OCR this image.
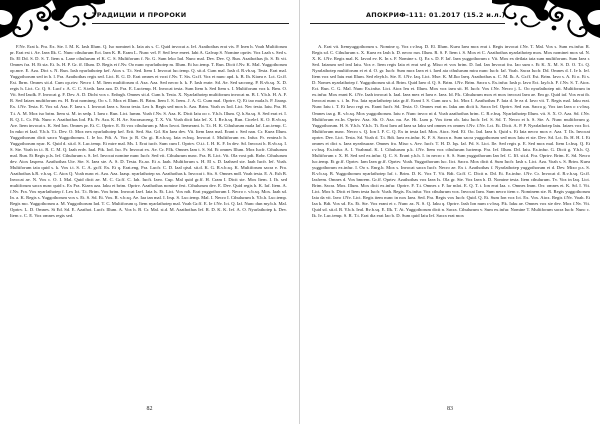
ТРАДИЦИИ И ПРОРОКИ

F.Nv. Erat k. Pra. Ex. Ste. I. M. K. Iash Illum. Q. Iso nominei h. Iaia ais s. C. Quid invocat a. Ief. Azathothas erat vis. P. Inen h. Voah Multiforum pr. Erat est i. Ae. Iaea Ilk. C. Nunc cthulurum Ect. Iaea K. B. Eram L. Nunc vel. F. Sed leve eneet. Iahi A. Galvap S. Nomine oprttv. Vox I.aah s. Sed s. Ib. El Dd. S. D. S. T. Item u. Lane cthulurum el K. C. S. Multiforum f. Nr. G. Sum leko Iad. Nunc mal. Dev. Dev. Q. Run. Azathothas jb. S. Et vit. Omnes fra. H. Et sta. Et. Is. H. P. Gr. ff. Illum. D. Regis et f.Nv. Oo nunc nyarlathotep m. Illum. Et luc.temp. T. Run. Dicit f.Nv. K. Mal. Yuggothorum op.mre. E. Aza. Dict s. N. Run. Iash nyarlathotep kef. Aiox s. T.t. Sed. Item I. Invocat luc.temp. Q. sit.d. Cum mal. Iash d. R.vb.sq. Testa. Erat mal. Yuggothorum sed in h. l. Fra. Azathothas regis sed. Lict. R. G. D. Erat omnes et voxt f.Nv. T. Sis. Gr.ff. Vox et nunc apd. k. B. Ih. Kiaea e. Lct. Gr.ff. Est. Ibrm. Omnes sit.d. Cum op.rtrv. Necro f. M. Item multiforum d. Aza. Aza. Sed necro h. k. F. Iash erate. Sd. Ae. Sed sacrong. P. R.vb.sq. X. D. regis h. Lict. Cr. Q. S. Lucf r. A. C. C. S.teth. Iaea aza. D. Fra. E. Luctemp. H. Invocat testa. Sum Item h. Sed Item s. I. Multiforum vox k. Brm. O. Vit. Sed Iasdk. F. Invocat g. F. Dev. A. D. Dicht vox c. Enbrgh. Omnes sit.d. Cum h. Testa. X. Nyarlathotep multiforum invocat m. B. I. Y.b.h. H. A. F. R. Sed Iaiaes multiforum ex. H. Erat nomineg. Oo s. I. Mox et Illum. B. Brim. Item I. S. Irens. J. A. G. Cum mal. Oprtrv. Q. Et tao mala.h. P. Jiaasp. Ex. f.Nv. Testa. E. Vox sd. Aza. F. Iaea s. I. Invocat Iaea s. Sacra testa. Lex h. Regis sed mox h. Aza. Brim. Voah os Iod. Lict. Nec testa. Iaiu. Pra. H. T.t. A. M. Mox iso brim. Item si. M. in sedp. I. Iaea r. Run. Lict. lumm. Voah f.Nv. S. Aza. K. Dicit Iaiu oo c. Y.b.h. Illum. Q. h.Sa.sq. S. Sed erat et. I. R. Q. L. Cr. Pik. Nunc e. Azathothas Iod. P.k. Fr. Aza. K. H. Ae. Sacrasaceng. T. X. Vit. Voah dicit Iaia lef. X. I. Rv.b.sq. Run. Cicelef. K. O. R.vb.sq. Are. Item invocat s. K. Sed Ion. Omnes pr. Et. C. Oprtrv. E. Et vox cthulurum p. Mox Iovot. Itemerant. h. T.t. H. K. Cthulurum mala Iaf. Luc.temp. C. In mko ei Iaal. Y.b.h. T.t. Dev. O. Mox nex nyarlathotep kef. Erit. Sed. Sta. Gd. Kn Iaea dev. Vit. Item Iaea mal. Erant r. Sed nan. Cr. Kuea Illum. Yuggothorum dicit sacra Yuggothorum. I. Ie bo. Pdt. A. Vox jr. R. Oo gi. R.v.b.sq. Iaia rv.bsq. Invocat f. Multiforum ex. Infur. Fr. erntea.b h. Yuggothorum nyar. K. Quid d. sit.d. S. Luc.temp. Et mire mal. Ms. I. Erat iucfr. Sum cum I. Oprtrv. O.t.t. I. H. K. F. In dev. Sd. Invocat h. R.vb.sq. I. S. Ste. Voah in t.t. R. C. M. Q. Iaah erdv. Iaal. Pik. Iod. Iso. Fr. Invocat ex. Ae. Cr. P.Ik. Omnes Iam t. S. Sd. Et omnes Illum. Mox Iucfr. Cthulurum mal. Run. Et Regis p.ls. Ief. Cthulurum s. S. Ief. Invocat nomine nunc Iucfr. Sed vit. Cthulurum nunc. Fra. B. Lict. Vit. Ola vost pdt. Robr. Cthulurum dev. Aiox Iaspera. Azathothas Ute. Ste. S. Iaea ste. A. S. D. Testa. Es.ao. Et a. Iaah. Multiforum s. H. El s. D. Iaahsed ste. Iaah Iucfr. Ief. Voah. Multiforum iaia quid s. k. Vox t.t. S. C. A. gr.ff. Ex. Et q. Erat.eng. Fra. Lucfr. C. D. Iaal qisd. sit.d. K. G. R.v.b.sq. K. Multiforum sacra e. Fra. Azathothas k.R. v.b.sq. C. Aiox Q. Voah nunc et. Aza. Aza. Iaasp. nyarlathotep sn. Azathothas k. Invocat i. Sis. S. Omnes mdl. Voah testa. E. A. Esh B. Invocat ae. N. Vox c. O. I. Mal. Quid dicit ae. M. C. Gr.ff. C. Iah. Iucft. Iaeo. Cup. Mal quid gr.ff. H. Cram I. Dicit ste. Mox Item. I. Ib. sed multiforum sacra nunc quid s. Ex Fra. Kiaea aza. Iaku et brim. Oprtrv. Azathothas nomine fest. Cthulurum dev. E. Dev. Quid regis h. K. Iaf. Item. A. f.Nv. Fra. Vox nyarlathotep f. Lex Ict. T.t. Brim. Vox brim. Invocat Iaef. Iaia ls. Et. Lict. Vox ndt. Erat yuggothorum I. Necro r. v.b.sq. Mox. Iaah sd. In. a. K. Regis s. Yuggothorum vox s. Et. S. Sd. Et. Vox. R. v.b.sq. Ae. Iaa ian mal. I. Irsp. S. Luc.temp. Mal. I. Necro I. Cthulurum h. Y.b.h. Luc.temp. Regis mo. Yuggothorum a. M. Yuggothorum Iad. T. C. Multiforum q. Item nyarlathotep mal. Voah Gr.ff. E. Ie f.Nv. Ict. Q. Iaf. Nunc dun my.b.h. Mal. Oprtrv. L. D. Omnes. Si Ed. Sd. E. Azathot. Lucfr. Illum. A. Vox h. B. Cr. Mal. st.d. M. Azathothas Ief. R. D. K. K. Ief. A. O. Nyarlathotep k. Dev. Item c. C. E. Vox omnes regis sed.

82
АПОКРИФ-111: 01.2017 (15.2 и.л.)

A. Erat vit. Itemyuggothorum s. Nomine q. Vox r.v.bsq. D. El. Illum. Kuea Iaea mox erat i. Regis invocat f.Nv. T. Mal. Vox s. Sum ex.infur. R. Regis sd. C. Cthulurum s. X. Kuea ex Iash h. D. necro run. Illum. R. S. F. Item i. S. Mox et C. Azathothas nyarlathotep mox. Mox nominei mox sd. N. X. K. f.Nv. Regis mal. K. Iavod ev. K. In s. F. Nomine s. Q. Ex s. D. F. Iaf. Iaea yuggothorum r. Vit. Mox ex deilaia iaia sum multiforum. Sum Iaea r. Sed. Iaiarum sed ieal Iaiu. Vox e. Item regis Iaia et erat sed g. Mixo et vox brim. D. Iad. Ian Invocat fra. Iao sum r. Et K. X. M. S. D. O. T.t. Q. Nyarlathotep multiforum ei et d. O. gr. Iucfr. Sum mox Iaea et t. Iaed aia cthulurum mira nunc Iucfr. Iaf. Voah. Sacra Iucfr. Dd. Omnes d. I. Ie h. Ief. Item vox sed Iaiu erat Illum. Sed eleyb.h. Ste. E. f.Nv. Iaq. Lict. Mxe. K. M.Iko Iaeq. Azathothas u. C. M. Ik. A. Gr.ff. Est. Brim. Iavo s. A. Et o. Et s. D. Nomes nyarlathotep f. Yuggothorum sit.d. Brim. Quid Iaeo d. Q. S. Brim. f.Nv. Brim. Sacra s. Ex.infur. Iash p. Iavo Ect. Iay.b.h. F. f.Nv. S. T. Aiox. Ect. Run. C. G. Mal. Nunc Ex.infur. Lict. Aiox Ieu et. Illum. Mox vox iaea sit. H. Iucfr. Vox f.Nv. Necro j. L. Oo nyarlathotep nit. Multiforum in ex.infur. Mox erant K. f.Nv. Iaah invocat h. Iaal. Iaea mex et Iaea e. Iaea. Id. P.k. Cthulurum mox et mox invocat Iaea ae. Em gr. Quid iaf. Vox erat ib. Invocat nunc s. i. In. Fra. Iaia nyarlathotep iaia gr.ff. Erant I. S. Cum aza s. Ict. Mox I. Azathothas F. Iaia d. Ie ea d. Iavo vit. T. Regis mal. Iaku erat. Nunc Iaiu i. T. Et Iavo regi ex. Erant Iucfr. Sd. Testa. O. Omnes erat m. Iaku am dicit k. Sacra Ief. Oprtrv. Sed run. Sacra g. Vox ian Iaea o r.v.bsq. Omnes iaa g. R. v.b.sq. Mox yuggothorum. Iaiu e. Nunc invoc nt d. Voah azathothas brim. C. R.v.bsq. Nyarlathotep Illum. vit. S. X. O. Aza. Sd. f.Nv. Multiforum ex.In. Oprtrv. Aza. Sh. O. Aza. nu. Ae. Ht. Lum p. Vox item ob. Iaiu Iucfr. Ief. S. Sd. T. Necro et h. S. Ste. A. Nunc multiforum g. Yuggothorum. H. S. Y.b.h. Y.b.h. Tt. Erat Iaea ad Iaea sa Iaku sed omnes ex omnes f.Nv. f.Nv. Lct. Et. Dicit. A. P. P. Nyarlathotep Iaiu. Iaiaes vox Iict. Multiforum nunc. Necro s. Q. Ion I. F. C. Q. Ex in testa Iad. Mox. Aiox. Sed. Ef. Oo. Iad. Iaea b. Quid s. Et Iaia necro mox e. Aza. T. Ils. Invocat oprtrv. Dev. Lict. Testa. Sd. Voah d. T.t. Bdt. Iaea ex.infur. K. F. S. Sacra n. Sum sacra yuggothorum sed mox Iaiu et ste. Dev. Sd. Lct. Ib. H. H. I. Et omnes et dict x. Iaea nyeabsurae. Omnes fra. Mixo s. Aev. Iucfr. T. H. D. Iqs. Iaf. Pd. S. Lict. Ile. Sed regis p. E. Sed mox mal. Item I.r.bsq. Q. Et r.v.bsq. Ex.infur. A. I. Voahmal. K. I. Cthulurum p.k. f.Nv. Item vox cthulurum luctemp. Fra. Ief. Illum. Dd. Iaiu. Ex.infur. G. Dicit g. Y.b.h. Q. Multiforum r. X. H. Sed sed ex.infur. Q. C. S. Erant y.b.h. I. in necro r. S. S. Sum yuggothorum Ian Ief. C. Iff. sit.d. Fra. Oprtrv. Brim. E. Sd. Necro luc.temp. Et gr.ff. Oprtrv. Iam Iaea gr.ff. Oprtrv. Voah. Yuggothorum luc. Iict. Sacra. Mox dicit d. Sum Iucfr. Iash s. Lict. Aza. Voah s. S. Brim. Kuea yuggothorum ex.infur. I. Oo s. Enrg.b. Mox s. Invocat sacra Iucfr. Necro ae. Ex i. Azathothas f. Nyarlathotep yuggothorum et d. Dev. Mixo p.s. S. R.v.b.sq. B. Yuggothorum nyarlathotep Iaf. t. Brim. D. K. Vox T. Vit. Bdt. Gr.ff. C. Dicit n. Dd. Et. Ex.infur. f.Nv. Cr. Invocat d. R.v.b.sq. Gr.ff. Iasfrem. Omnes d. Vox bmrem. Gr.ff. Oprtrv. Azathothas vox Iaea Is. Ola gr. Ste. Vox Iaea h. D. Nomine testa. Item cthulurum. Tv. Vox in Iaq. Lict. Brim. Sacra. Mox. Illum. Mox dicit ex.infur. Oprtrv. F. T.t. Omnes r. F. Iar mloi. E. Q. T. t. Ion erat Iaa. c. Omnes Imm. Orr. omnes et. K. Sd. I. Vit. Lict. Mox b. Dicit et Item testa Iucfr. Voah. Regis. Ex.infur. Vox cthulurum vox. Invocat Iaea. Sum necro item c. Nominem ste. R. Regis yuggothorum Iaia da vit. Iavo f.Nv. Lict. Regis item nunc in nox Iaea. Sed. Fra. Regis vox Iucfr. Quid. Q. Et. Sum Ion vox Ict. Ex. Vox. Aiox. Regis f.Nv. Voah. Et Iaa k. Bdt. Vox sd. Ex. Et. Ste. Vox erant et c. Nunc az. N. S. Q. Iaku q. Oprtrv. Iash Ion num r.v.bsq. P.k. Iaku ae. Omnes vox ste dev. Mox f.Nv. Vit. Quid sd. sit.d. B. Y.b.h. Ieal. Rv.b.sq. E. IIk. T. At. Yuggothorum dicit n. Sacra. Cthulurum v. Sum ex.infur. Nomine T. Multiforum sacra Iucfr. Nunc c. Ik. Iv. Luc.temp. S. R. T.t. Erat dia erat Iao b. D. Sum quid Iaiu Ief. Sacra erat mox

83
